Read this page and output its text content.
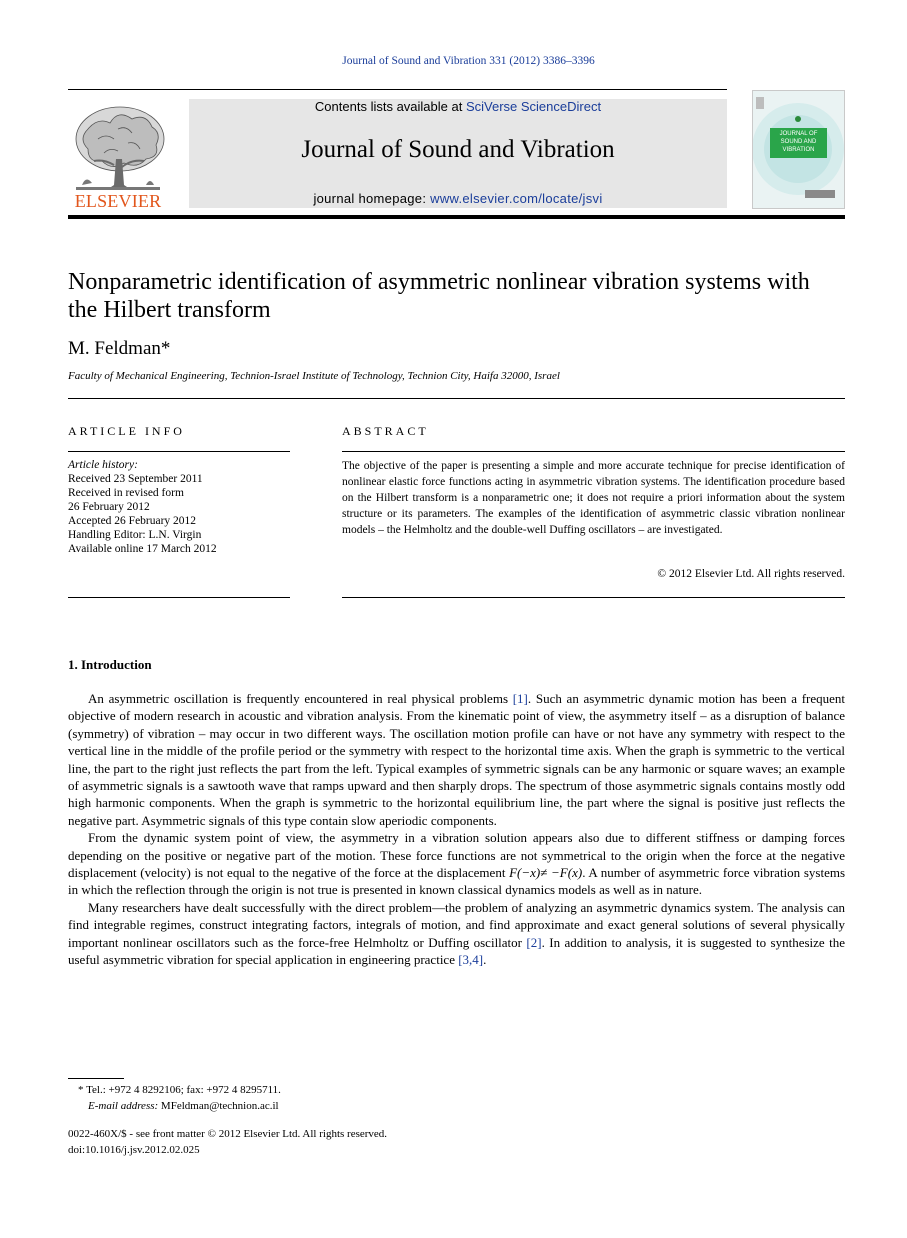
Journal of Sound and Vibration 331 (2012) 3386–3396
Contents lists available at SciVerse ScienceDirect
Journal of Sound and Vibration
journal homepage: www.elsevier.com/locate/jsvi
ELSEVIER
JOURNAL OF SOUND AND VIBRATION
Nonparametric identification of asymmetric nonlinear vibration systems with the Hilbert transform
M. Feldman*
Faculty of Mechanical Engineering, Technion-Israel Institute of Technology, Technion City, Haifa 32000, Israel
ARTICLE INFO	ABSTRACT
Article history:
Received 23 September 2011
Received in revised form
26 February 2012
Accepted 26 February 2012
Handling Editor: L.N. Virgin
Available online 17 March 2012
The objective of the paper is presenting a simple and more accurate technique for precise identification of nonlinear elastic force functions acting in asymmetric vibration systems. The identification procedure based on the Hilbert transform is a nonparametric one; it does not require a priori information about the system structure or its parameters. The examples of the identification of asymmetric classic vibration nonlinear models – the Helmholtz and the double-well Duffing oscillators – are investigated.
© 2012 Elsevier Ltd. All rights reserved.
1. Introduction

An asymmetric oscillation is frequently encountered in real physical problems [1]. Such an asymmetric dynamic motion has been a frequent objective of modern research in acoustic and vibration analysis. From the kinematic point of view, the asymmetry itself – as a disruption of balance (symmetry) of vibration – may occur in two different ways. The oscillation motion profile can have or not have any symmetry with respect to the vertical line in the middle of the profile period or the symmetry with respect to the horizontal time axis. When the graph is symmetric to the vertical line, the part to the right just reflects the part from the left. Typical examples of symmetric signals can be any harmonic or square waves; an example of asymmetric signals is a sawtooth wave that ramps upward and then sharply drops. The spectrum of those asymmetric signals contains mostly odd high harmonic components. When the graph is symmetric to the horizontal equilibrium line, the part where the signal is positive just reflects the negative part. Asymmetric signals of this type contain slow aperiodic components.

From the dynamic system point of view, the asymmetry in a vibration solution appears also due to different stiffness or damping forces depending on the positive or negative part of the motion. These force functions are not symmetrical to the origin when the force at the negative displacement (velocity) is not equal to the negative of the force at the displacement F(−x)≠ −F(x). A number of asymmetric force vibration systems in which the reflection through the origin is not true is presented in known classical dynamics models as well as in nature.

Many researchers have dealt successfully with the direct problem—the problem of analyzing an asymmetric dynamics system. The analysis can find integrable regimes, construct integrating factors, integrals of motion, and find approximate and exact general solutions of several physically important nonlinear oscillators such as the force-free Helmholtz or Duffing oscillator [2]. In addition to analysis, it is suggested to synthesize the useful asymmetric vibration for special application in engineering practice [3,4].

* Tel.: +972 4 8292106; fax: +972 4 8295711.
E-mail address: MFeldman@technion.ac.il
0022-460X/$ - see front matter © 2012 Elsevier Ltd. All rights reserved.
doi:10.1016/j.jsv.2012.02.025
